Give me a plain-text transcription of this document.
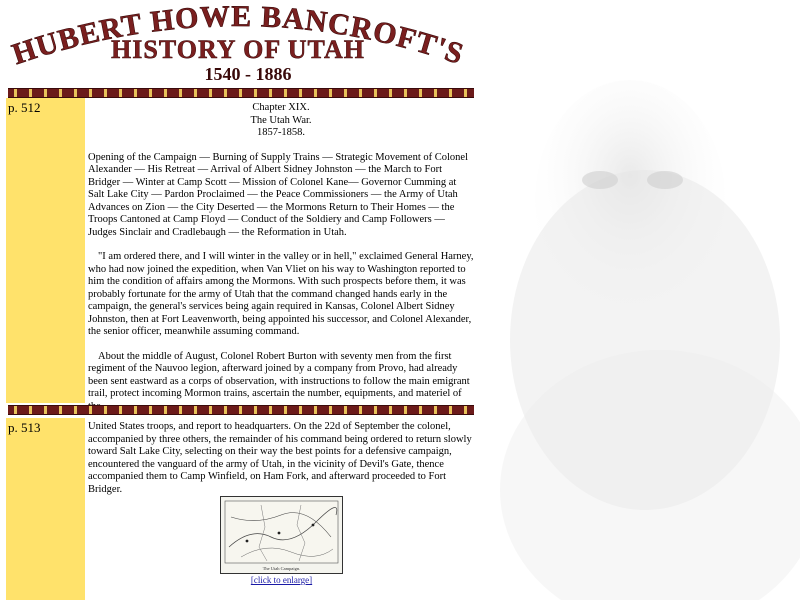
HUBERT HOWE BANCROFT'S
HISTORY OF UTAH
1540 - 1886
p. 512	Chapter XIX.

The Utah War.

1857-1858.

Opening of the Campaign — Burning of Supply Trains — Strategic Movement of Colonel Alexander — His Retreat — Arrival of Albert Sidney Johnston — the March to Fort Bridger — Winter at Camp Scott — Mission of Colonel Kane— Governor Cumming at Salt Lake City — Pardon Proclaimed — the Peace Commissioners — the Army of Utah Advances on Zion — the City Deserted — the Mormons Return to Their Homes — the Troops Cantoned at Camp Floyd — Conduct of the Soldiery and Camp Followers — Judges Sinclair and Cradlebaugh — the Reformation in Utah.

"I am ordered there, and I will winter in the valley or in hell," exclaimed General Harney, who had now joined the expedition, when Van Vliet on his way to Washington reported to him the condition of affairs among the Mormons. With such prospects before them, it was probably fortunate for the army of Utah that the command changed hands early in the campaign, the general's services being again required in Kansas, Colonel Albert Sidney Johnston, then at Fort Leavenworth, being appointed his successor, and Colonel Alexander, the senior officer, meanwhile assuming command.

About the middle of August, Colonel Robert Burton with seventy men from the first regiment of the Nauvoo legion, afterward joined by a company from Provo, had already been sent eastward as a corps of observation, with instructions to follow the main emigrant trail, protect incoming Mormon trains, ascertain the number, equipments, and materiel of

p. 513	United States troops, and report to headquarters. On the 22d of September the colonel, accompanied by three others, the remainder of his command being ordered to return slowly toward Salt Lake City, selecting on their way the best points for a defensive campaign, encountered the vanguard of the army of Utah, in the vicinity of Devil's Gate, thence accompanied them to Camp Winfield, on Ham Fork, and afterward proceeded to Fort Bridger.

The Utah Campaign.
[click to enlarge]
